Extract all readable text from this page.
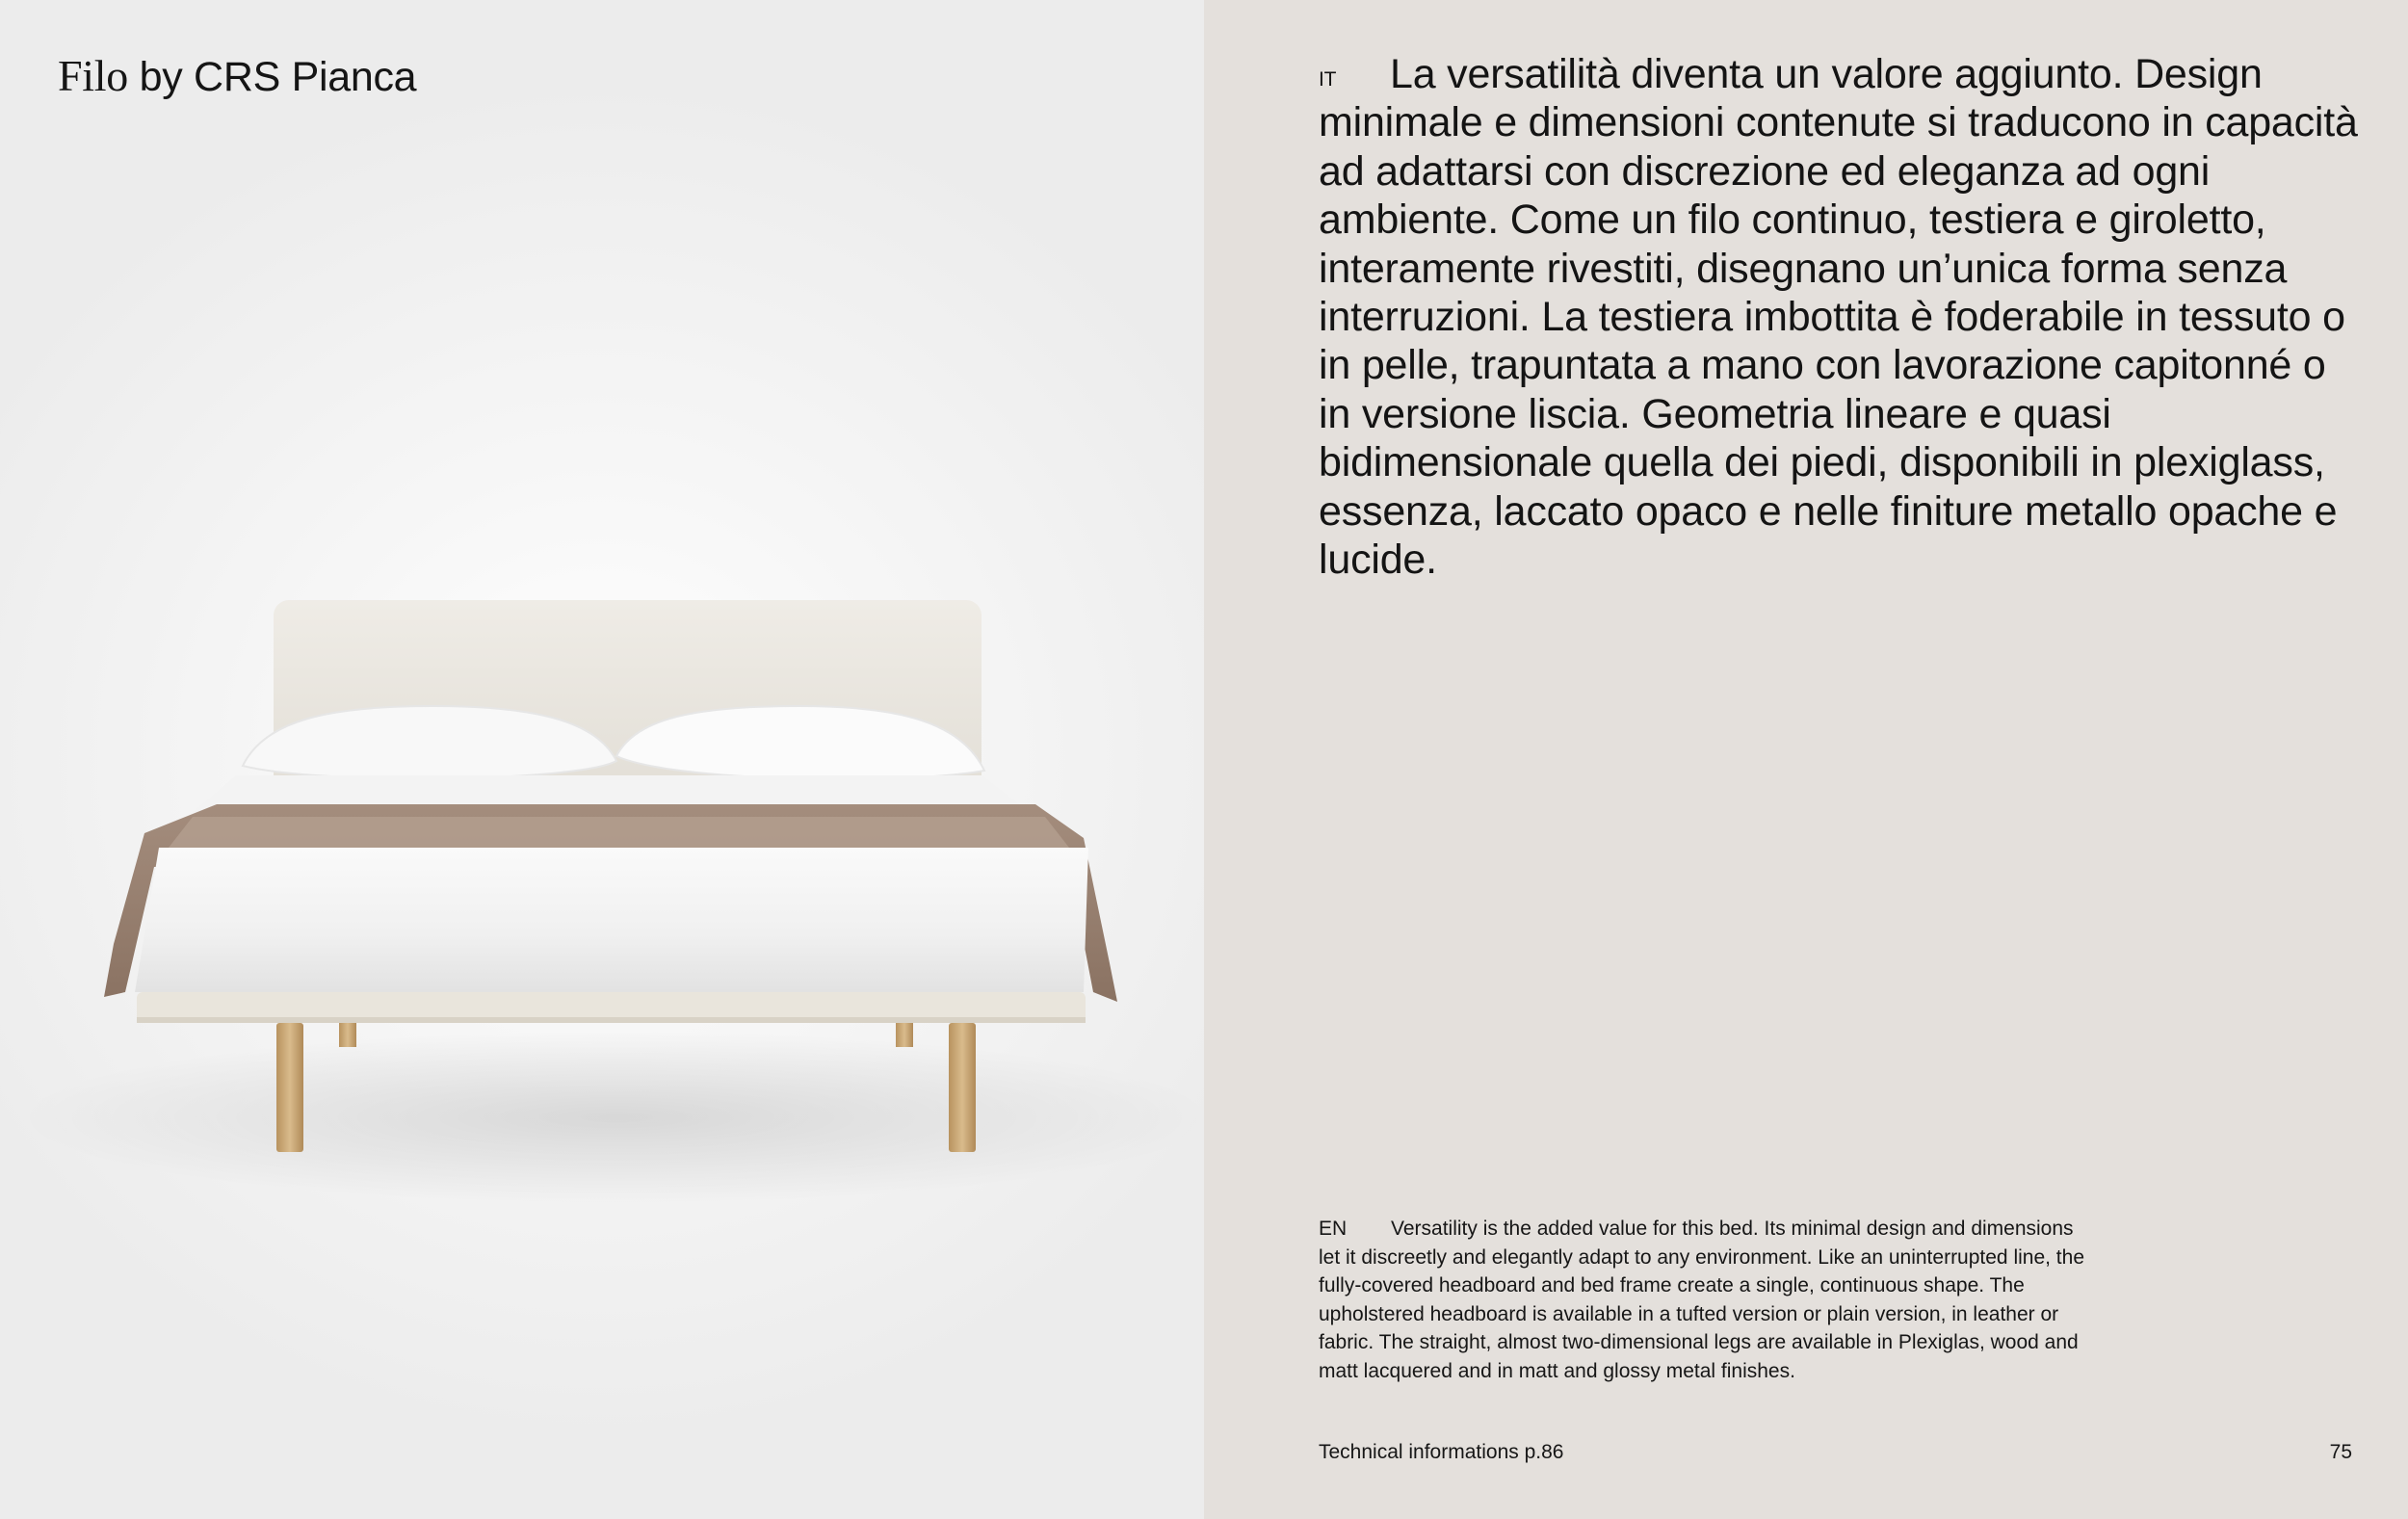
Filo by CRS Pianca	IT La versatilità diventa un valore aggiunto. Design minimale e dimensioni contenute si traducono in capacità ad adattarsi con discrezione ed eleganza ad ogni ambiente. Come un filo continuo, testiera e giroletto, interamente rivestiti, disegnano un’unica forma senza interruzioni. La testiera imbottita è foderabile in tessuto o in pelle, trapuntata a mano con lavorazione capitonné o in versione liscia. Geometria lineare e quasi bidimensionale quella dei piedi, disponibili in plexiglass, essenza, laccato opaco e nelle finiture metallo opache e lucide.
EN Versatility is the added value for this bed. Its minimal design and dimensions let it discreetly and elegantly adapt to any environment. Like an uninterrupted line, the fully-covered headboard and bed frame create a single, continuous shape. The upholstered headboard is available in a tufted version or plain version, in leather or fabric. The straight, almost two-dimensional legs are available in Plexiglas, wood and matt lacquered and in matt and glossy metal finishes.
Technical informations p.86	75
